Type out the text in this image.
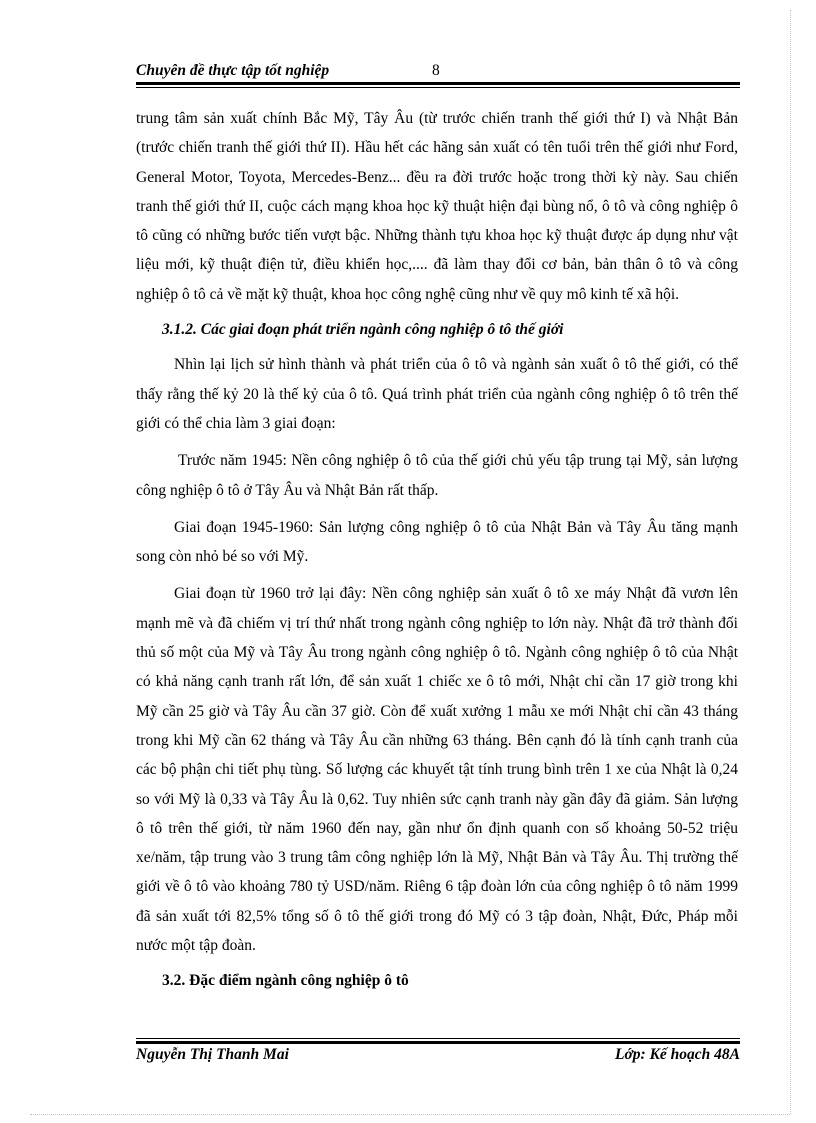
Chuyên đề thực tập tốt nghiệp	8

trung tâm sản xuất chính Bắc Mỹ, Tây Âu (từ trước chiến tranh thế giới thứ I) và Nhật Bản (trước chiến tranh thế giới thứ II). Hầu hết các hãng sản xuất có tên tuổi trên thế giới như Ford, General Motor, Toyota, Mercedes-Benz... đều ra đời trước hoặc trong thời kỳ này. Sau chiến tranh thế giới thứ II, cuộc cách mạng khoa học kỹ thuật hiện đại bùng nổ, ô tô và công nghiệp ô tô cũng có những bước tiến vượt bậc. Những thành tựu khoa học kỹ thuật được áp dụng như vật liệu mới, kỹ thuật điện tử, điều khiển học,.... đã làm thay đổi cơ bản, bản thân ô tô và công nghiệp ô tô cả về mặt kỹ thuật, khoa học công nghệ cũng như về quy mô kinh tế xã hội.

3.1.2. Các giai đoạn phát triển ngành công nghiệp ô tô thế giới

Nhìn lại lịch sử hình thành và phát triển của ô tô và ngành sản xuất ô tô thế giới, có thể thấy rằng thế kỷ 20 là thế kỷ của ô tô. Quá trình phát triển của ngành công nghiệp ô tô trên thế giới có thể chia làm 3 giai đoạn:

Trước năm 1945: Nền công nghiệp ô tô của thế giới chủ yếu tập trung tại Mỹ, sản lượng công nghiệp ô tô ở Tây Âu và Nhật Bản rất thấp.

Giai đoạn 1945-1960: Sản lượng công nghiệp ô tô của Nhật Bản và Tây Âu tăng mạnh song còn nhỏ bé so với Mỹ.

Giai đoạn từ 1960 trở lại đây: Nền công nghiệp sản xuất ô tô xe máy Nhật đã vươn lên mạnh mẽ và đã chiếm vị trí thứ nhất trong ngành công nghiệp to lớn này. Nhật đã trở thành đối thủ số một của Mỹ và Tây Âu trong ngành công nghiệp ô tô. Ngành công nghiệp ô tô của Nhật có khả năng cạnh tranh rất lớn, để sản xuất 1 chiếc xe ô tô mới, Nhật chỉ cần 17 giờ trong khi Mỹ cần 25 giờ và Tây Âu cần 37 giờ. Còn để xuất xưởng 1 mẫu xe mới Nhật chỉ cần 43 tháng trong khi Mỹ cần 62 tháng và Tây Âu cần những 63 tháng. Bên cạnh đó là tính cạnh tranh của các bộ phận chi tiết phụ tùng. Số lượng các khuyết tật tính trung bình trên 1 xe của Nhật là 0,24 so với Mỹ là 0,33 và Tây Âu là 0,62. Tuy nhiên sức cạnh tranh này gần đây đã giảm. Sản lượng ô tô trên thế giới, từ năm 1960 đến nay, gần như ổn định quanh con số khoảng 50-52 triệu xe/năm, tập trung vào 3 trung tâm công nghiệp lớn là Mỹ, Nhật Bản và Tây Âu. Thị trường thế giới về ô tô vào khoảng 780 tỷ USD/năm. Riêng 6 tập đoàn lớn của công nghiệp ô tô năm 1999 đã sản xuất tới 82,5% tổng số ô tô thế giới trong đó Mỹ có 3 tập đoàn, Nhật, Đức, Pháp mỗi nước một tập đoàn.

3.2. Đặc điểm ngành công nghiệp ô tô

Nguyễn Thị Thanh Mai	Lớp: Kế hoạch 48A
